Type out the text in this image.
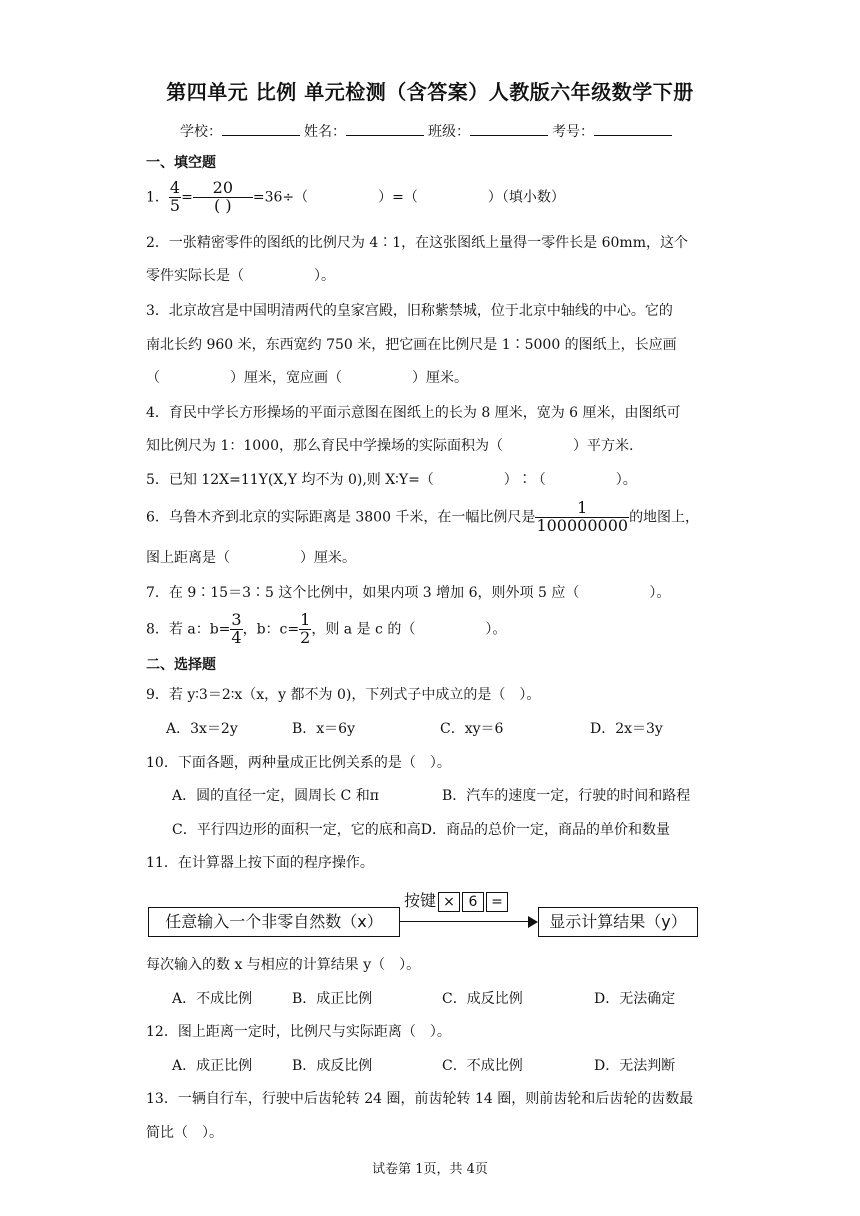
第四单元 比例 单元检测（含答案）人教版六年级数学下册
学校：	姓名：	班级：	考号：
一、填空题
1． $\frac{4}{5} = \frac{20}{( )} =36\div$（　　　　　）=（　　　　　）（填小数）
2．一张精密零件的图纸的比例尺为 4∶1，在这张图纸上量得一零件长是 60mm，这个
零件实际长是（　　　　　）。
3．北京故宫是中国明清两代的皇家宫殿，旧称紫禁城，位于北京中轴线的中心。它的
南北长约 960 米，东西宽约 750 米，把它画在比例尺是 1∶5000 的图纸上，长应画
（　　　　　）厘米，宽应画（　　　　　）厘米。
4．育民中学长方形操场的平面示意图在图纸上的长为 8 厘米，宽为 6 厘米，由图纸可
知比例尺为 1：1000，那么育民中学操场的实际面积为（　　　　　）平方米.
5．已知 12X=11Y(X,Y 均不为 0),则 X∶Y=（　　　　　）∶（　　　　　）。
6．乌鲁木齐到北京的实际距离是 3800 千米，在一幅比例尺是 $\frac{1}{100000000}$ 的地图上，
图上距离是（　　　　　）厘米。
7．在 9∶15＝3∶5 这个比例中，如果内项 3 增加 6，则外项 5 应（　　　　　）。
8．若 a：$b= \frac{3}{4}$ ，b：$c= \frac{1}{2}$ ，则 a 是 c 的（　　　　　）。
二、选择题
9．若 y∶3＝2∶x（x，y 都不为 0)，下列式子中成立的是（　）。
A．3x＝2y	B．x＝6y	C．xy＝6	D．2x＝3y
10．下面各题，两种量成正比例关系的是（　）。
A．圆的直径一定，圆周长 C 和π	B．汽车的速度一定，行驶的时间和路程
C．平行四边形的面积一定，它的底和高D．商品的总价一定，商品的单价和数量
11．在计算器上按下面的程序操作。
任意输入一个非零自然数（x）
按键 × 6 =
显示计算结果（y）
每次输入的数 x 与相应的计算结果 y（　）。
A．不成比例	B．成正比例	C．成反比例	D．无法确定
12．图上距离一定时，比例尺与实际距离（　）。
A．成正比例	B．成反比例	C．不成比例	D．无法判断
13．一辆自行车，行驶中后齿轮转 24 圈，前齿轮转 14 圈，则前齿轮和后齿轮的齿数最
简比（　）。
试卷第 1页，共 4页
